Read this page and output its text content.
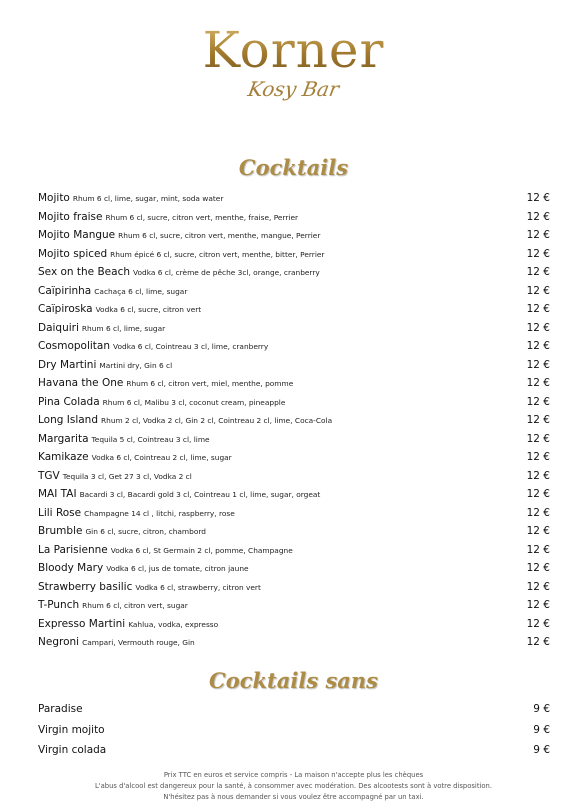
Korner
Kosy Bar
Cocktails
Mojito Rhum 6 cl, lime, sugar, mint, soda water	12 €
Mojito fraise Rhum 6 cl, sucre, citron vert, menthe, fraise, Perrier	12 €
Mojito Mangue Rhum 6 cl, sucre, citron vert, menthe, mangue, Perrier	12 €
Mojito spiced Rhum épicé 6 cl, sucre, citron vert, menthe, bitter, Perrier	12 €
Sex on the Beach Vodka 6 cl, crème de pêche 3cl, orange, cranberry	12 €
Caïpirinha Cachaça 6 cl, lime, sugar	12 €
Caïpiroska Vodka 6 cl, sucre, citron vert	12 €
Daiquiri Rhum 6 cl, lime, sugar	12 €
Cosmopolitan Vodka 6 cl, Cointreau 3 cl, lime, cranberry	12 €
Dry Martini Martini dry, Gin 6 cl	12 €
Havana the One Rhum 6 cl, citron vert, miel, menthe, pomme	12 €
Pina Colada Rhum 6 cl, Malibu 3 cl, coconut cream, pineapple	12 €
Long Island Rhum 2 cl, Vodka 2 cl, Gin 2 cl, Cointreau 2 cl, lime, Coca-Cola	12 €
Margarita Tequila 5 cl, Cointreau 3 cl, lime	12 €
Kamikaze Vodka 6 cl, Cointreau 2 cl, lime, sugar	12 €
TGV Tequila 3 cl, Get 27 3 cl, Vodka 2 cl	12 €
MAI TAI Bacardi 3 cl, Bacardi gold 3 cl, Cointreau 1 cl, lime, sugar, orgeat	12 €
Lili Rose Champagne 14 cl , litchi, raspberry, rose	12 €
Brumble Gin 6 cl, sucre, citron, chambord	12 €
La Parisienne Vodka 6 cl, St Germain 2 cl, pomme, Champagne	12 €
Bloody Mary Vodka 6 cl, jus de tomate, citron jaune	12 €
Strawberry basilic Vodka 6 cl, strawberry, citron vert	12 €
T-Punch Rhum 6 cl, citron vert, sugar	12 €
Expresso Martini Kahlua, vodka, expresso	12 €
Negroni Campari, Vermouth rouge, Gin	12 €
Cocktails sans
Paradise	9 €
Virgin mojito	9 €
Virgin colada	9 €
Prix TTC en euros et service compris - La maison n'accepte plus les chèques
L'abus d'alcool est dangereux pour la santé, à consommer avec modération. Des alcootests sont à votre disposition.
N'hésitez pas à nous demander si vous voulez être accompagné par un taxi.
